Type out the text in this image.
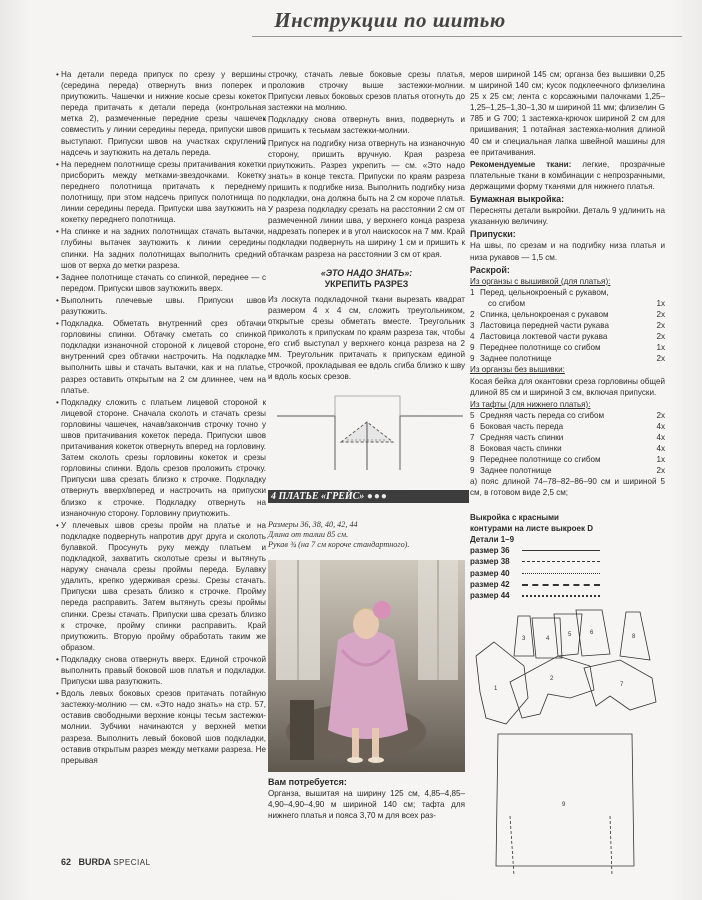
Инструкции по шитью

• На детали переда припуск по срезу у вершины (середина переда) отвернуть вниз поперек и приутюжить. Чашечки и нижние косые срезы кокеток переда притачать к детали переда (контрольная метка 2), размеченные передние срезы чашечек совместить у линии середины переда, припуски швов выступают. Припуски швов на участках скруглений надсечь и заутюжить на деталь переда.

• На переднем полотнище срезы притачивания кокетки присборить между метками-звездочками. Кокетку переднего полотнища притачать к переднему полотнищу, при этом надсечь припуск полотнища по линии середины переда. Припуски шва заутюжить на кокетку переднего полотнища.

• На спинке и на задних полотнищах стачать вытачки, глубины вытачек заутюжить к линии середины спинки. На задних полотнищах выполнить средний шов от верха до метки разреза.

• Заднее полотнище стачать со спинкой, переднее — с передом. Припуски швов заутюжить вверх.

• Выполнить плечевые швы. Припуски швов разутюжить.

• Подкладка. Обметать внутренний срез обтачки горловины спинки. Обтачку сметать со спинкой подкладки изнаночной стороной к лицевой стороне, внутренний срез обтачки настрочить. На подкладке выполнить швы и стачать вытачки, как и на платье, разрез оставить открытым на 2 см длиннее, чем на платье.

• Подкладку сложить с платьем лицевой стороной к лицевой стороне. Сначала сколоть и стачать срезы горловины чашечек, начав/закончив строчку точно у швов притачивания кокеток переда. Припуски швов притачивания кокеток отвернуть вперед на горловину. Затем сколоть срезы горловины кокеток и срезы горловины спинки. Вдоль срезов проложить строчку. Припуски шва срезать близко к строчке. Подкладку отвернуть вверх/вперед и настрочить на припуски близко к строчке. Подкладку отвернуть на изнаночную сторону. Горловину приутюжить.

• У плечевых швов срезы пройм на платье и на подкладке подвернуть напротив друг друга и сколоть булавкой. Просунуть руку между платьем и подкладкой, захватить сколотые срезы и вытянуть наружу сначала срезы проймы переда. Булавку удалить, крепко удерживая срезы. Срезы стачать. Припуски шва срезать близко к строчке. Пройму переда расправить. Затем вытянуть срезы проймы спинки. Срезы стачать. Припуски шва срезать близко к строчке, пройму спинки расправить. Край приутюжить. Вторую пройму обработать таким же образом.

• Подкладку снова отвернуть вверх. Единой строчкой выполнить правый боковой шов платья и подкладки. Припуски шва разутюжить.

• Вдоль левых боковых срезов притачать потайную застежку-молнию — см. «Это надо знать» на стр. 57, оставив свободными верхние концы тесьм застежки-молнии. Зубчики начинаются у верхней метки разреза. Выполнить левый боковой шов подкладки, оставив открытым разрез между метками разреза. Не прерывая

строчку, стачать левые боковые срезы платья, проложив строчку выше застежки-молнии. Припуски левых боковых срезов платья отогнуть до застежки на молнию.

• Подкладку снова отвернуть вниз, подвернуть и пришить к тесьмам застежки-молнии.

• Припуск на подгибку низа отвернуть на изнаночную сторону, пришить вручную. Края разреза приутюжить. Разрез укрепить — см. «Это надо знать» в конце текста. Припуски по краям разреза пришить к подгибке низа. Выполнить подгибку низа подкладки, она должна быть на 2 см короче платья. У разреза подкладку срезать на расстоянии 2 см от размеченной линии шва, у верхнего конца разреза надрезать поперек и в угол наискосок на 7 мм. Край подкладки подвернуть на ширину 1 см и пришить к обтачкам разреза на расстоянии 3 см от края.

«ЭТО НАДО ЗНАТЬ»:
УКРЕПИТЬ РАЗРЕЗ

Из лоскута подкладочной ткани вырезать квадрат размером 4 х 4 см, сложить треугольником, открытые срезы обметать вместе. Треугольник приколоть к припускам по краям разреза так, чтобы его сгиб выступал у верхнего конца разреза на 2 мм. Треугольник притачать к припускам единой строчкой, прокладывая ее вдоль сгиба близко к шву и вдоль косых срезов.

4 ПЛАТЬЕ «ГРЕЙС» ●●●
Размеры 36, 38, 40, 42, 44
Длина от талии 85 см.
Рукав ¾ (на 7 см короче стандартного).
Вам потребуется:
Органза, вышитая на ширину 125 см, 4,85–4,85–4,90–4,90–4,90 м шириной 140 см; тафта для нижнего платья и пояса 3,70 м для всех раз-

меров шириной 145 см; органза без вышивки 0,25 м шириной 140 см; кусок подклеечного флизелина 25 х 25 см; лента с корсажными палочками 1,25–1,25–1,25–1,30–1,30 м шириной 11 мм; флизелин G 785 и G 700; 1 застежка-крючок шириной 2 см для пришивания; 1 потайная застежка-молния длиной 40 см и специальная лапка швейной машины для ее притачивания.

Рекомендуемые ткани: легкие, прозрачные плательные ткани в комбинации с непрозрачными, держащими форму тканями для нижнего платья.

Бумажная выкройка:

Пересняты детали выкройки. Деталь 9 удлинить на указанную величину.

Припуски:

На швы, по срезам и на подгибку низа платья и низа рукавов — 1,5 см.

Раскрой:
Из органзы с вышивкой (для платья):
1 Перед, цельнокроеный с рукавом,
со сгибом	1x
2 Спинка, цельнокроеная с рукавом	2x
3 Ластовица передней части рукава	2x
4 Ластовица локтевой части рукава	2x
9 Переднее полотнище со сгибом	1x
9 Заднее полотнище	2x
Из органзы без вышивки:

Косая бейка для окантовки среза горловины общей длиной 85 см и шириной 3 см, включая припуски.

Из тафты (для нижнего платья):
5 Средняя часть переда со сгибом	2x
6 Боковая часть переда	4x
7 Средняя часть спинки	4x
8 Боковая часть спинки	4x
9 Переднее полотнище со сгибом	1x
9 Заднее полотнище	2x

а) пояс длиной 74–78–82–86–90 см и шириной 5 см, в готовом виде 2,5 см;

Выкройка с красными
контурами на листе выкроек D
Детали 1–9
размер 36
размер 38
размер 40
размер 42
размер 44
3	4
5	6
8
1
2
7
9
62 BURDA SPECIAL
